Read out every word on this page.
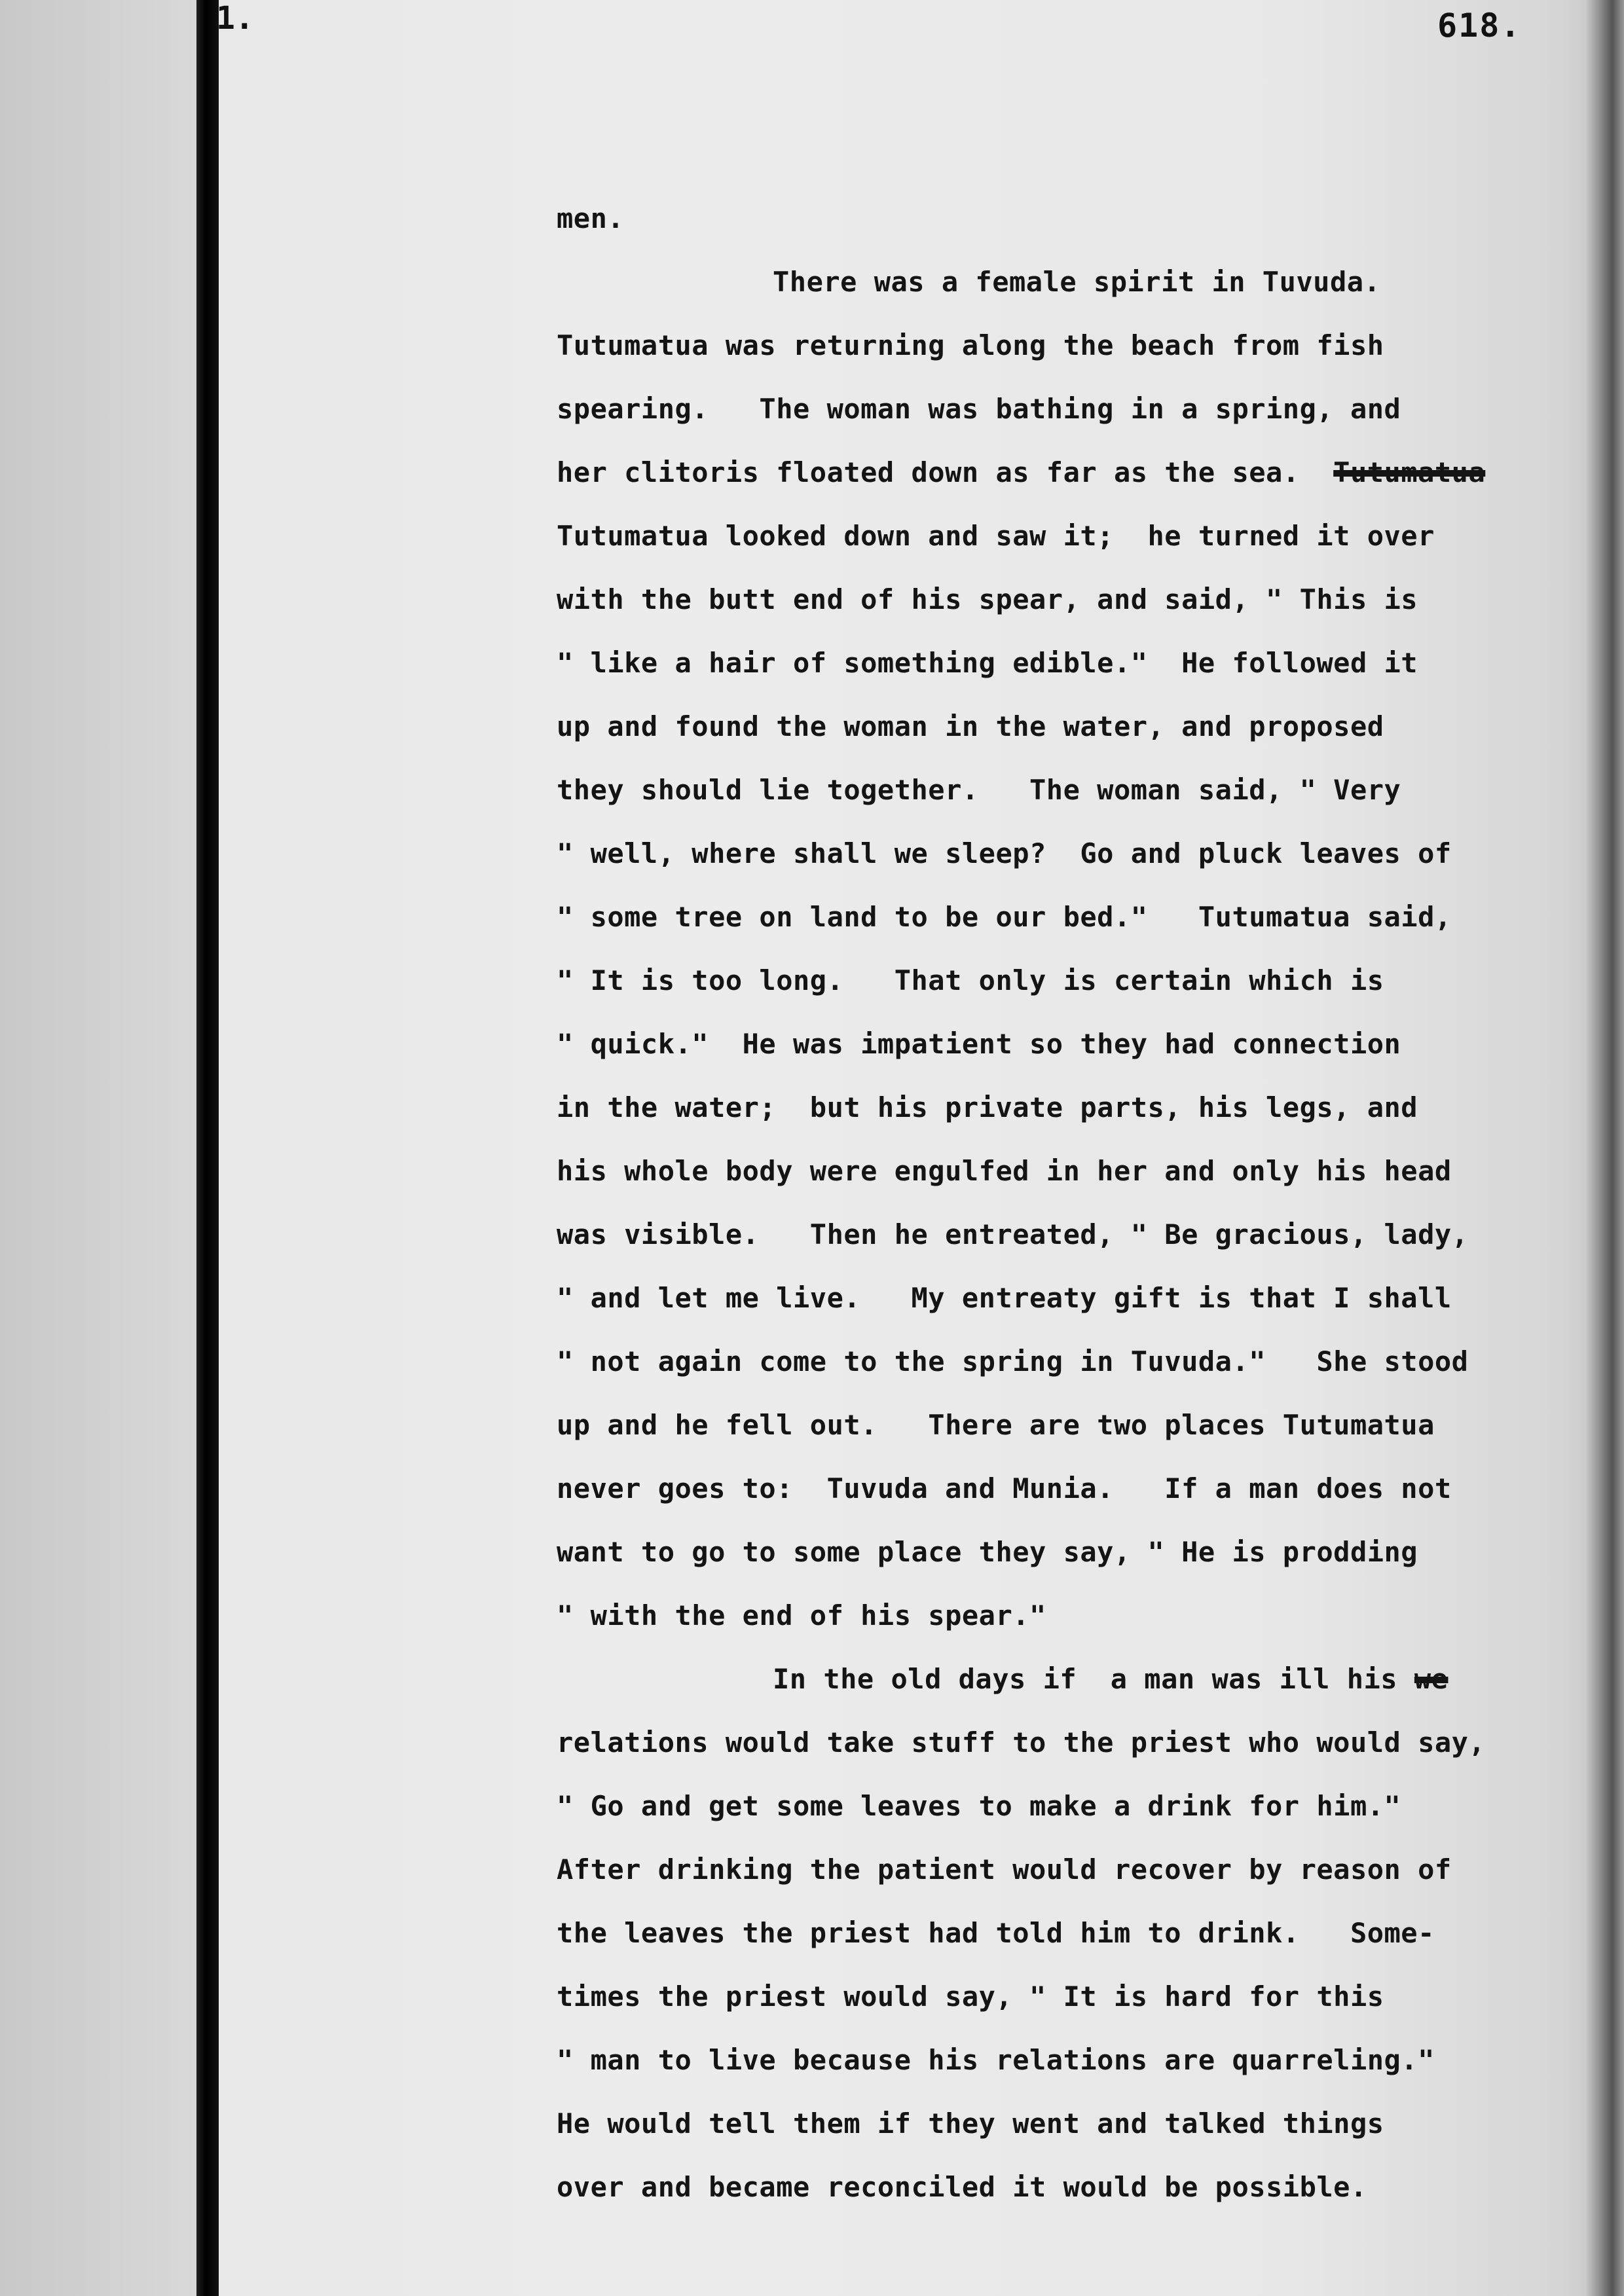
1.	618.
men.
There was a female spirit in Tuvuda.
Tutumatua was returning along the beach from fish
spearing.   The woman was bathing in a spring, and
her clitoris floated down as far as the sea.  Tutumatua
Tutumatua looked down and saw it;  he turned it over
with the butt end of his spear, and said, " This is
" like a hair of something edible."  He followed it
up and found the woman in the water, and proposed
they should lie together.   The woman said, " Very
" well, where shall we sleep?  Go and pluck leaves of
" some tree on land to be our bed."   Tutumatua said,
" It is too long.   That only is certain which is
" quick."  He was impatient so they had connection
in the water;  but his private parts, his legs, and
his whole body were engulfed in her and only his head
was visible.   Then he entreated, " Be gracious, lady,
" and let me live.   My entreaty gift is that I shall
" not again come to the spring in Tuvuda."   She stood
up and he fell out.   There are two places Tutumatua
never goes to:  Tuvuda and Munia.   If a man does not
want to go to some place they say, " He is prodding
" with the end of his spear."
In the old days if  a man was ill his we
relations would take stuff to the priest who would say,
" Go and get some leaves to make a drink for him."
After drinking the patient would recover by reason of
the leaves the priest had told him to drink.   Some-
times the priest would say, " It is hard for this
" man to live because his relations are quarreling."
He would tell them if they went and talked things
over and became reconciled it would be possible.
